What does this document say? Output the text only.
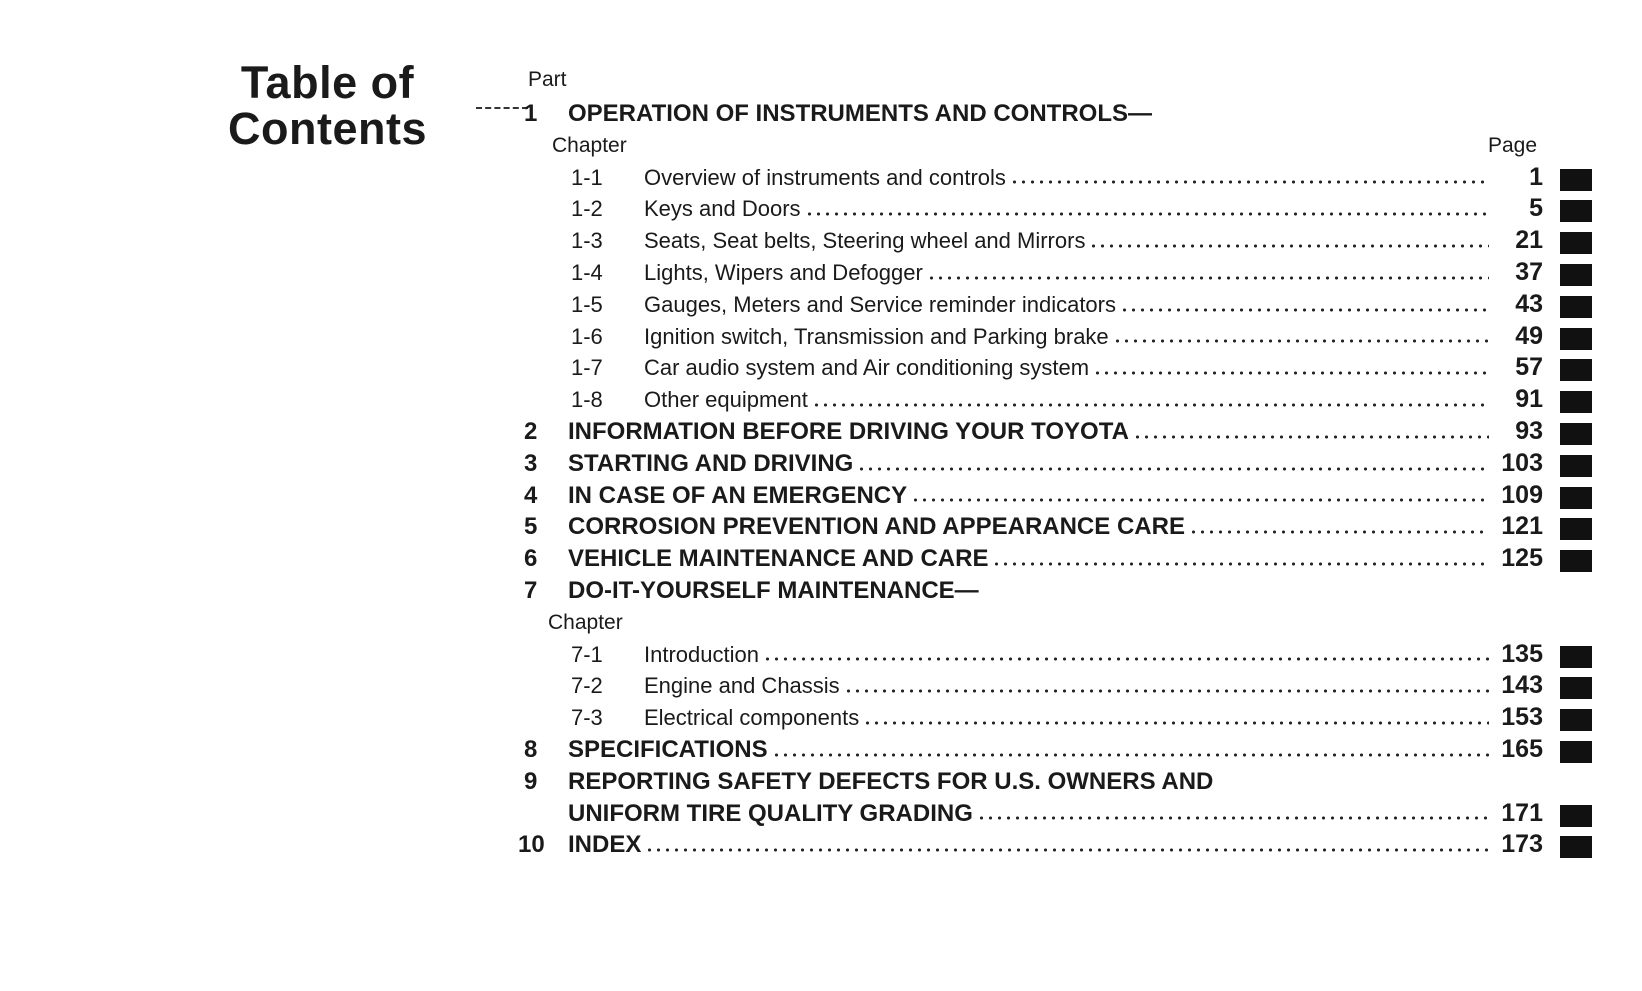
Table of
Contents
Part
1 OPERATION OF INSTRUMENTS AND CONTROLS—
Chapter	Page
1-1 Overview of instruments and controls	1
1-2 Keys and Doors	5
1-3 Seats, Seat belts, Steering wheel and Mirrors	21
1-4 Lights, Wipers and Defogger	37
1-5 Gauges, Meters and Service reminder indicators	43
1-6 Ignition switch, Transmission and Parking brake	49
1-7 Car audio system and Air conditioning system	57
1-8 Other equipment	91
2 INFORMATION BEFORE DRIVING YOUR TOYOTA	93
3 STARTING AND DRIVING	103
4 IN CASE OF AN EMERGENCY	109
5 CORROSION PREVENTION AND APPEARANCE CARE	121
6 VEHICLE MAINTENANCE AND CARE	125
7 DO-IT-YOURSELF MAINTENANCE—
Chapter
7-1 Introduction	135
7-2 Engine and Chassis	143
7-3 Electrical components	153
8 SPECIFICATIONS	165
9 REPORTING SAFETY DEFECTS FOR U.S. OWNERS AND
UNIFORM TIRE QUALITY GRADING	171
10 INDEX	173
